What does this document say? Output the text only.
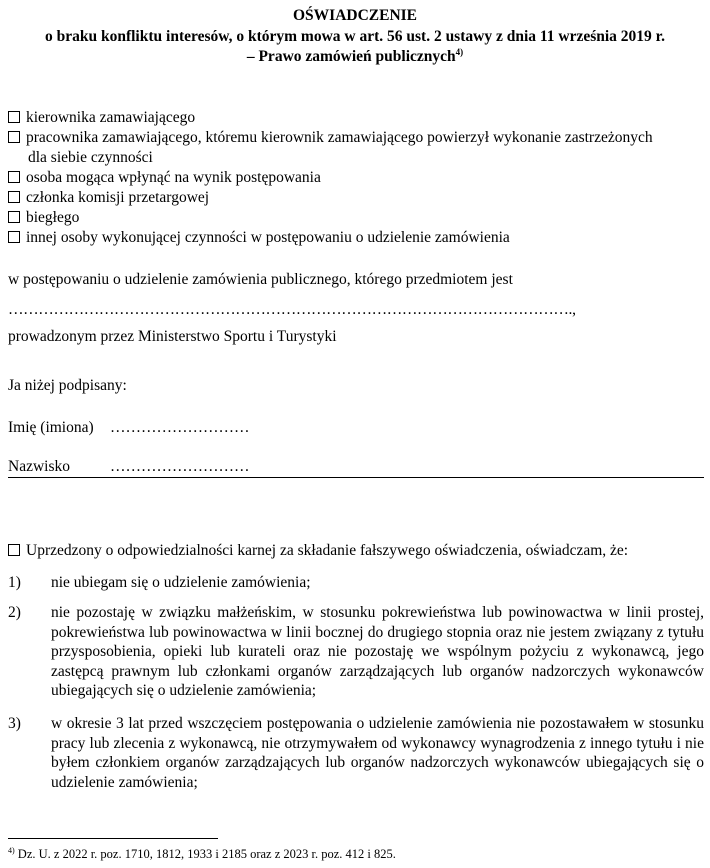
OŚWIADCZENIE
o braku konfliktu interesów, o którym mowa w art. 56 ust. 2 ustawy z dnia 11 września 2019 r.
– Prawo zamówień publicznych$^{4)}$
kierownika zamawiającego
pracownika zamawiającego, któremu kierownik zamawiającego powierzył wykonanie zastrzeżonych
dla siebie czynności
osoba mogąca wpłynąć na wynik postępowania
członka komisji przetargowej
biegłego
innej osoby wykonującej czynności w postępowaniu o udzielenie zamówienia
w postępowaniu o udzielenie zamówienia publicznego, którego przedmiotem jest
………………………………………………………………………………………………….,
prowadzonym przez Ministerstwo Sportu i Turystyki
Ja niżej podpisany:
Imię (imiona) ………………………
Nazwisko	………………………
Uprzedzony o odpowiedzialności karnej za składanie fałszywego oświadczenia, oświadczam, że:
1) nie ubiegam się o udzielenie zamówienia;
2) nie pozostaję w związku małżeńskim, w stosunku pokrewieństwa lub powinowactwa w linii prostej, pokrewieństwa lub powinowactwa w linii bocznej do drugiego stopnia oraz nie jestem związany z tytułu przysposobienia, opieki lub kurateli oraz nie pozostaję we wspólnym pożyciu z wykonawcą, jego zastępcą prawnym lub członkami organów zarządzających lub organów nadzorczych wykonawców ubiegających się o udzielenie zamówienia;
3) w okresie 3 lat przed wszczęciem postępowania o udzielenie zamówienia nie pozostawałem w stosunku pracy lub zlecenia z wykonawcą, nie otrzymywałem od wykonawcy wynagrodzenia z innego tytułu i nie byłem członkiem organów zarządzających lub organów nadzorczych wykonawców ubiegających się o udzielenie zamówienia;
$^{4)}$ Dz. U. z 2022 r. poz. 1710, 1812, 1933 i 2185 oraz z 2023 r. poz. 412 i 825.
